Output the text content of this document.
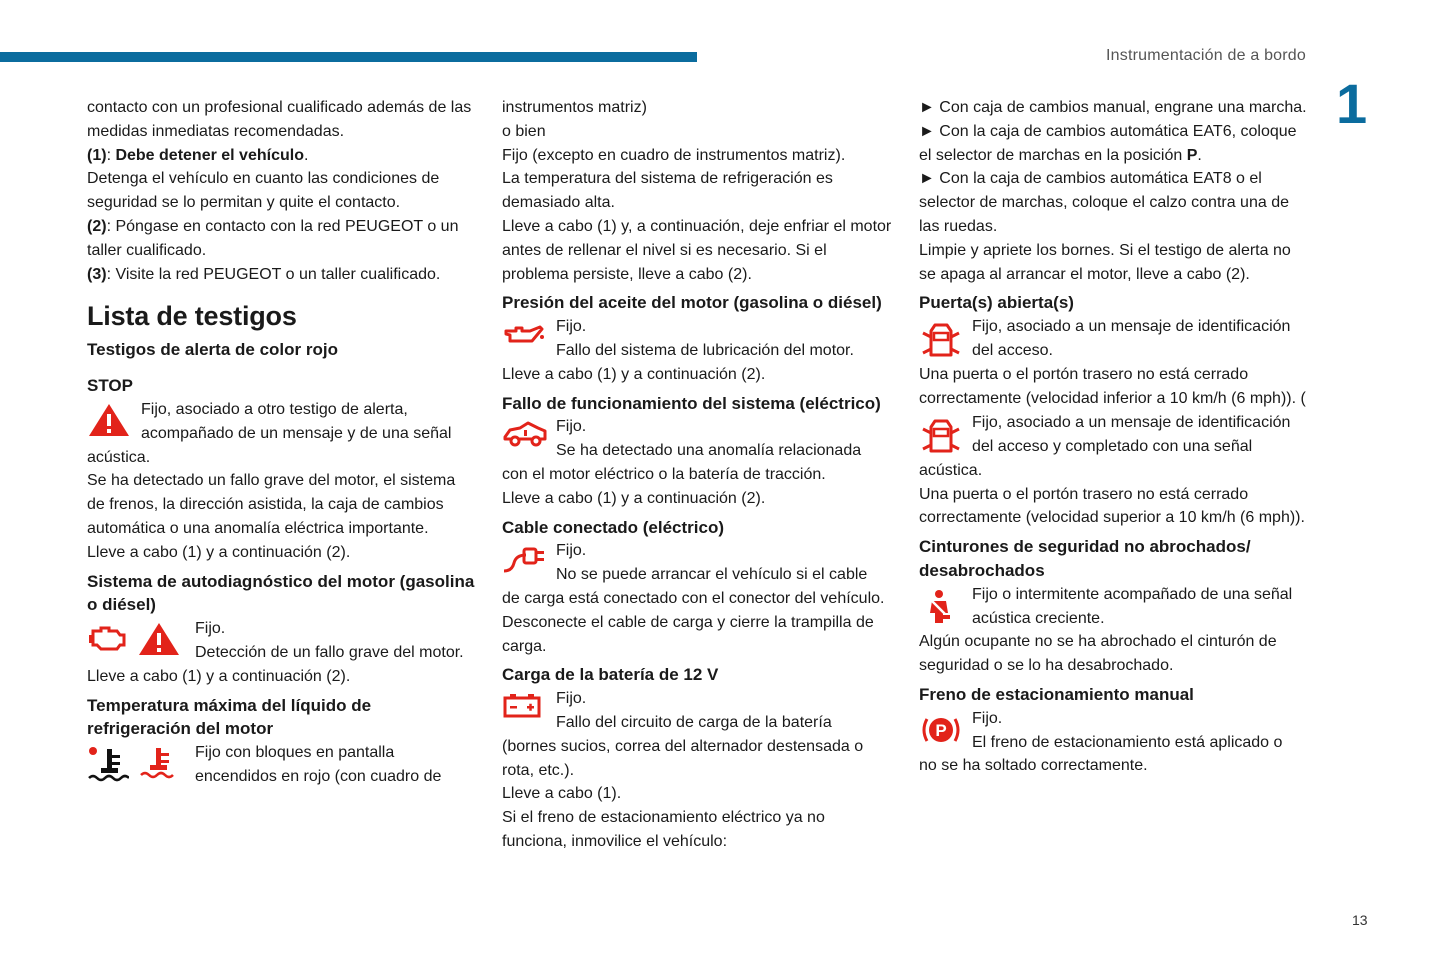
Instrumentación de a bordo
1

contacto con un profesional cualificado además de las medidas inmediatas recomendadas.

(1): Debe detener el vehículo.

Detenga el vehículo en cuanto las condiciones de seguridad se lo permitan y quite el contacto.

(2): Póngase en contacto con la red PEUGEOT o un taller cualificado.

(3): Visite la red PEUGEOT o un taller cualificado.

Lista de testigos

Testigos de alerta de color rojo

STOP

Fijo, asociado a otro testigo de alerta, acompañado de un mensaje y de una señal

acústica.

Se ha detectado un fallo grave del motor, el sistema de frenos, la dirección asistida, la caja de cambios automática o una anomalía eléctrica importante.

Lleve a cabo (1) y a continuación (2).

Sistema de autodiagnóstico del motor (gasolina o diésel)

Fijo.

Detección de un fallo grave del motor.

Lleve a cabo (1) y a continuación (2).

Temperatura máxima del líquido de refrigeración del motor

Fijo con bloques en pantalla encendidos en rojo (con cuadro de

instrumentos matriz)

o bien

Fijo (excepto en cuadro de instrumentos matriz).

La temperatura del sistema de refrigeración es demasiado alta.

Lleve a cabo (1) y, a continuación, deje enfriar el motor antes de rellenar el nivel si es necesario. Si el problema persiste, lleve a cabo (2).

Presión del aceite del motor (gasolina o diésel)

Fijo.

Fallo del sistema de lubricación del motor.

Lleve a cabo (1) y a continuación (2).

Fallo de funcionamiento del sistema (eléctrico)

Fijo.

Se ha detectado una anomalía relacionada

con el motor eléctrico o la batería de tracción.

Lleve a cabo (1) y a continuación (2).

Cable conectado (eléctrico)

Fijo.

No se puede arrancar el vehículo si el cable

de carga está conectado con el conector del vehículo.

Desconecte el cable de carga y cierre la trampilla de carga.

Carga de la batería de 12 V

Fijo.

Fallo del circuito de carga de la batería

(bornes sucios, correa del alternador destensada o rota, etc.).

Lleve a cabo (1).

Si el freno de estacionamiento eléctrico ya no funciona, inmovilice el vehículo:

► Con caja de cambios manual, engrane una marcha.

► Con la caja de cambios automática EAT6, coloque el selector de marchas en la posición P.

► Con la caja de cambios automática EAT8 o el selector de marchas, coloque el calzo contra una de las ruedas.

Limpie y apriete los bornes. Si el testigo de alerta no se apaga al arrancar el motor, lleve a cabo (2).

Puerta(s) abierta(s)

Fijo, asociado a un mensaje de identificación

del acceso.

Una puerta o el portón trasero no está cerrado correctamente (velocidad inferior a 10 km/h (6 mph)). (

Fijo, asociado a un mensaje de identificación

del acceso y completado con una señal

acústica.

Una puerta o el portón trasero no está cerrado correctamente (velocidad superior a 10 km/h (6 mph)).

Cinturones de seguridad no abrochados/ desabrochados

Fijo o intermitente acompañado de una señal

acústica creciente.

Algún ocupante no se ha abrochado el cinturón de seguridad o se lo ha desabrochado.

Freno de estacionamiento manual

P

Fijo.

El freno de estacionamiento está aplicado o

no se ha soltado correctamente.

13
